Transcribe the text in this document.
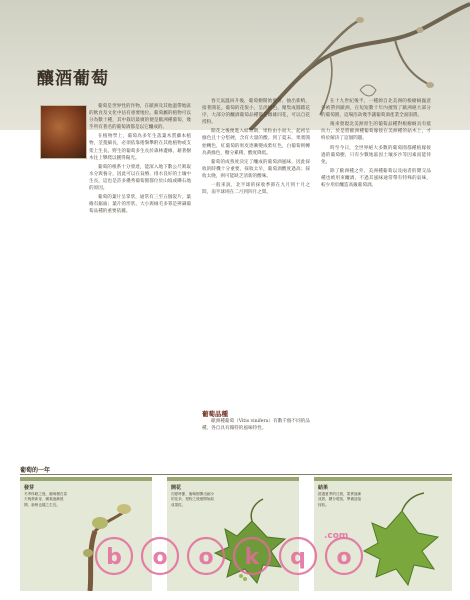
釀酒葡萄

葡萄是世界性的作物，在歐洲及其他溫帶地區的飲食及文化中佔有重要地位。葡萄屬的植物可以分為數十種，其中栽培最廣的便是歐洲種葡萄，幾乎所有著名的葡萄酒都是以它釀成的。

在植物學上，葡萄為多年生落葉木質藤本植物，莖蔓細長，必須依靠捲鬚攀附在其他植物或支架上生長。野生的葡萄多生長於森林邊緣，藉著樹木往上攀爬以獲得陽光。

葡萄的根系十分發達，能深入地下數公尺吸取水分與養分，因此可以在貧瘠、排水良好的土壤中生長，這也是許多優秀葡萄園都位於山坡或礫石地的原因。

葡萄的葉片呈掌狀，通常有三至五個裂片，葉緣有鋸齒；葉片的形狀、大小與絨毛多寡是辨識葡萄品種的重要依據。

春天氣溫回升後，葡萄樹開始發芽、抽出新梢，接著開花。葡萄的花很小，呈淡綠色，聚集成圓錐花序，大部分的釀酒葡萄品種都是雌雄同花，可以自花授粉。

開花之後便進入結果期，果粒由小而大，起初呈綠色且十分堅硬，含有大量的酸。到了夏末，果實開始轉色，紅葡萄的果皮逐漸變成紫紅色，白葡萄則轉為黃綠色，糖分累積，酸度降低。

葡萄的成熟度決定了釀成的葡萄酒風味，因此採收的時機十分重要。採收太早，葡萄酒酸度過高；採收太晚，則可能缺乏清新的酸味。

一般來說，北半球的採收季節在九月到十月之間，南半球則在二月到四月之間。

葡萄品種

歐洲種葡萄（Vitis vinifera）有數千個不同的品種，各自具有獨特的風味特性。

在十九世紀後半，一種源自北美洲的根瘤蚜蟲意外被帶到歐洲，在短短數十年內摧毀了歐洲絕大部分的葡萄園，這場浩劫幾乎讓葡萄酒產業全面崩潰。

後來發現北美洲原生的葡萄品種對根瘤蚜具有抵抗力，於是將歐洲種葡萄嫁接在美洲種的砧木上，才終於解決了這個問題。

時至今日，全世界絕大多數的葡萄園都種植嫁接過的葡萄樹，只有少數地區因土壤多沙等因素而能倖免。

除了歐洲種之外，美洲種葡萄以及兩者的雜交品種也被用來釀酒，不過其風味通常帶有特殊的氣味，較少用於釀造高級葡萄酒。

葡萄的一年
發芽
冬季休眠之後，葡萄樹在春天萌發新芽，嫩葉逐漸展開，新梢也隨之生長。
開花
初夏時節，葡萄樹開出細小的花朵，授粉之後便開始結成果粒。
結果
經過夏季的日照，果實逐漸成熟，糖分增加，準備迎接採收。
b o o k q o
.com
